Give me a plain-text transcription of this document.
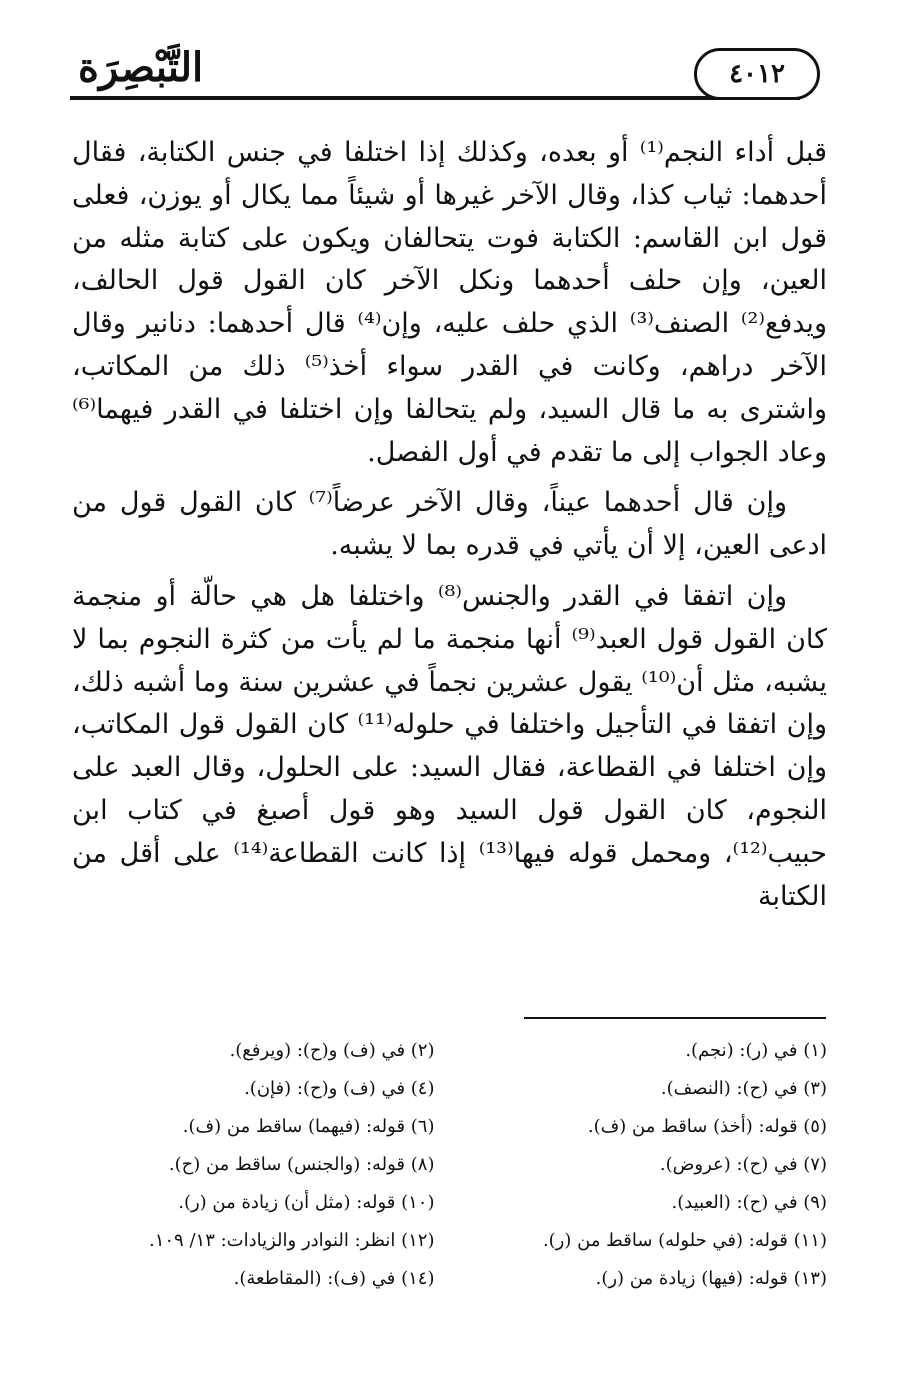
التَّبْصِرَة	٤٠١٢

قبل أداء النجم⁽¹⁾ أو بعده، وكذلك إذا اختلفا في جنس الكتابة، فقال أحدهما: ثياب كذا، وقال الآخر غيرها أو شيئاً مما يكال أو يوزن، فعلى قول ابن القاسم: الكتابة فوت يتحالفان ويكون على كتابة مثله من العين، وإن حلف أحدهما ونكل الآخر كان القول قول الحالف، ويدفع⁽²⁾ الصنف⁽³⁾ الذي حلف عليه، وإن⁽⁴⁾ قال أحدهما: دنانير وقال الآخر دراهم، وكانت في القدر سواء أخذ⁽⁵⁾ ذلك من المكاتب، واشترى به ما قال السيد، ولم يتحالفا وإن اختلفا في القدر فيهما⁽⁶⁾ وعاد الجواب إلى ما تقدم في أول الفصل.

وإن قال أحدهما عيناً، وقال الآخر عرضاً⁽⁷⁾ كان القول قول من ادعى العين، إلا أن يأتي في قدره بما لا يشبه.

وإن اتفقا في القدر والجنس⁽⁸⁾ واختلفا هل هي حالّة أو منجمة كان القول قول العبد⁽⁹⁾ أنها منجمة ما لم يأت من كثرة النجوم بما لا يشبه، مثل أن⁽¹⁰⁾ يقول عشرين نجماً في عشرين سنة وما أشبه ذلك، وإن اتفقا في التأجيل واختلفا في حلوله⁽¹¹⁾ كان القول قول المكاتب، وإن اختلفا في القطاعة، فقال السيد: على الحلول، وقال العبد على النجوم، كان القول قول السيد وهو قول أصبغ في كتاب ابن حبيب⁽¹²⁾، ومحمل قوله فيها⁽¹³⁾ إذا كانت القطاعة⁽¹⁴⁾ على أقل من الكتابة

(١) في (ر): (نجم).
(٢) في (ف) و(ح): (ويرفع).
(٣) في (ح): (النصف).
(٤) في (ف) و(ح): (فإن).
(٥) قوله: (أخذ) ساقط من (ف).
(٦) قوله: (فيهما) ساقط من (ف).
(٧) في (ح): (عروض).
(٨) قوله: (والجنس) ساقط من (ح).
(٩) في (ح): (العبيد).
(١٠) قوله: (مثل أن) زيادة من (ر).
(١١) قوله: (في حلوله) ساقط من (ر).
(١٢) انظر: النوادر والزيادات: ١٣/ ١٠٩.
(١٣) قوله: (فيها) زيادة من (ر).
(١٤) في (ف): (المقاطعة).
